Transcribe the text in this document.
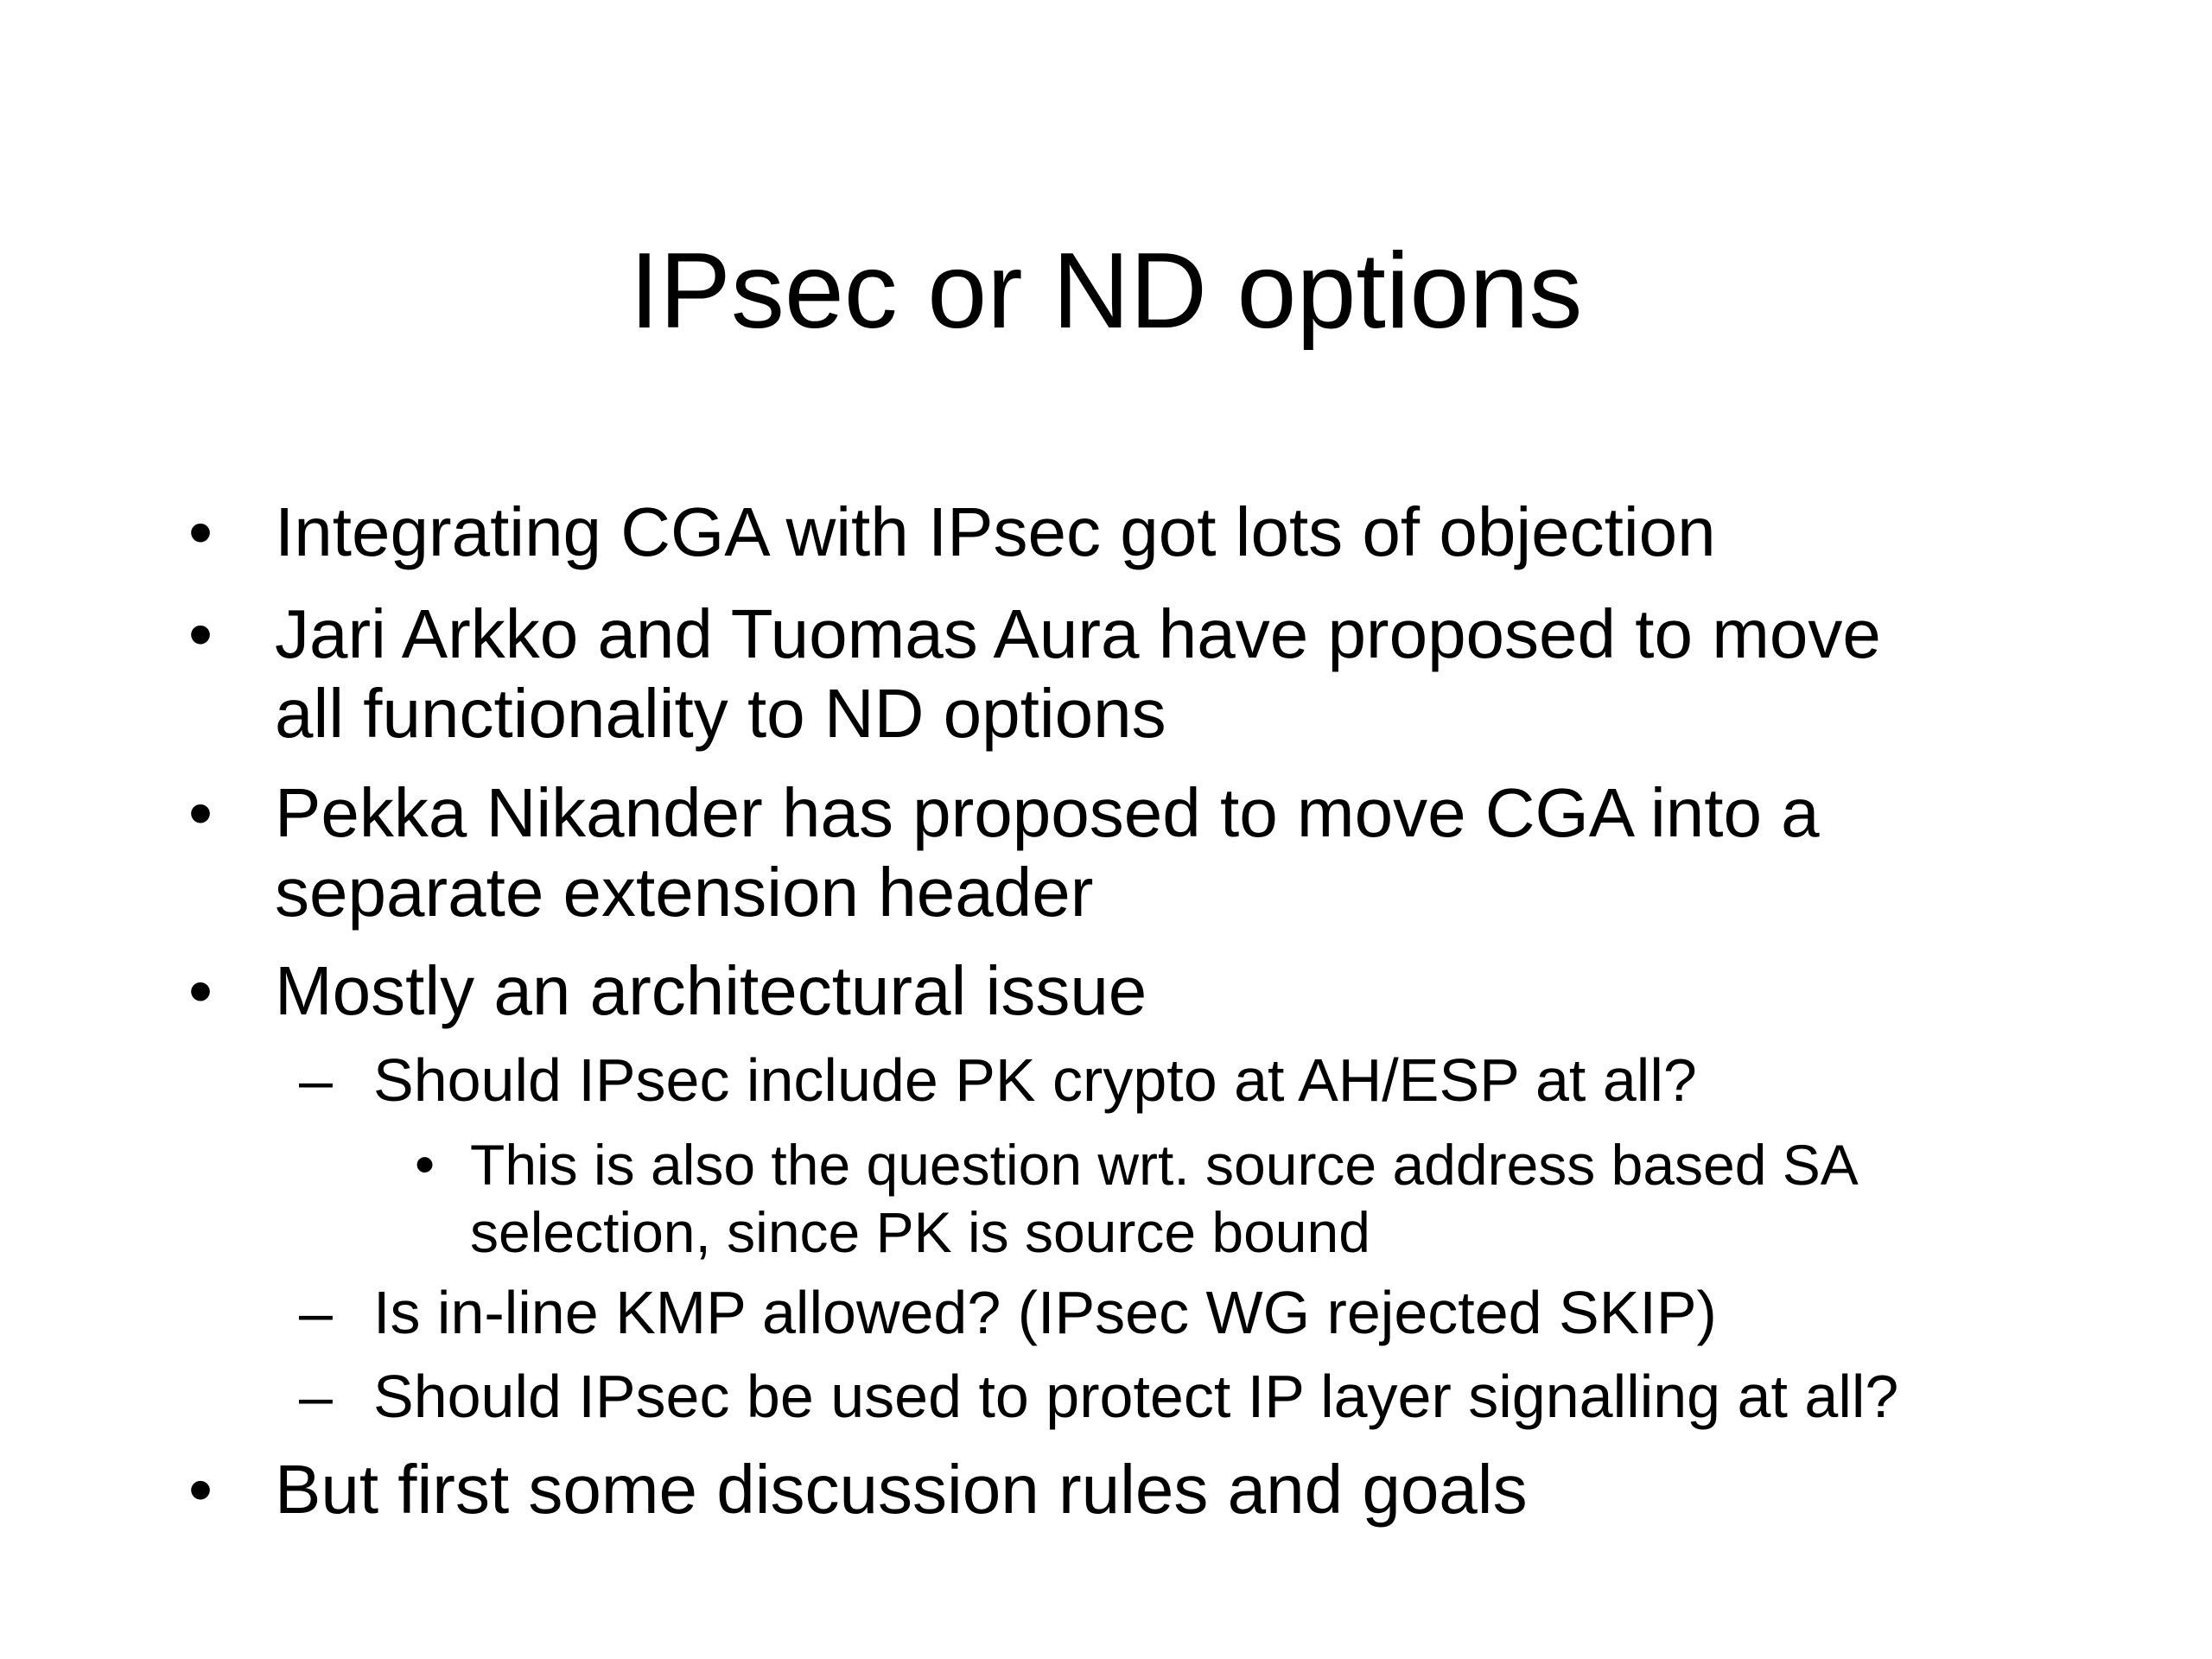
IPsec or ND options
• Integrating CGA with IPsec got lots of objection
• Jari Arkko and Tuomas Aura have proposed to move
all functionality to ND options
• Pekka Nikander has proposed to move CGA into a
separate extension header
• Mostly an architectural issue
– Should IPsec include PK crypto at AH/ESP at all?
• This is also the question wrt. source address based SA
selection, since PK is source bound
– Is in-line KMP allowed? (IPsec WG rejected SKIP)
– Should IPsec be used to protect IP layer signalling at all?
• But first some discussion rules and goals
